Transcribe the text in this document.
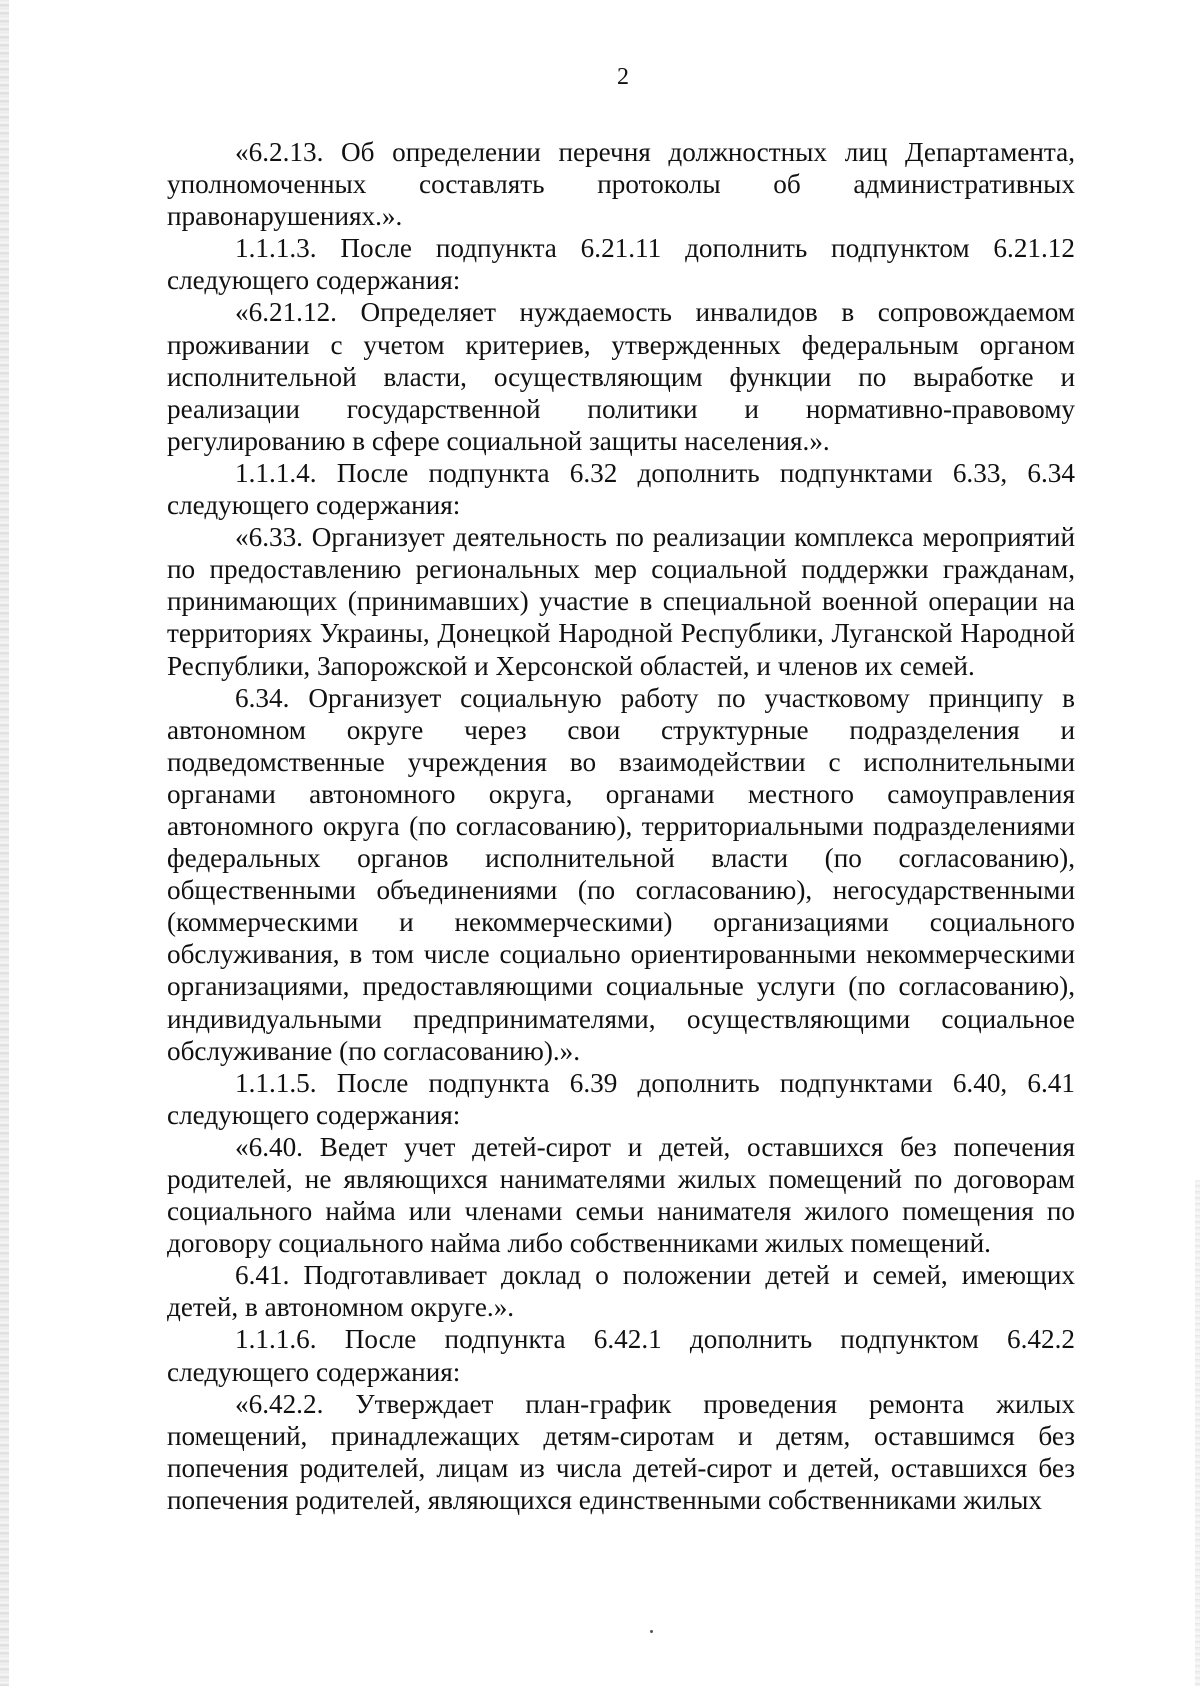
2

«6.2.13. Об определении перечня должностных лиц Департамента, уполномоченных составлять протоколы об административных правонарушениях.».

1.1.1.3. После подпункта 6.21.11 дополнить подпунктом 6.21.12 следующего содержания:

«6.21.12. Определяет нуждаемость инвалидов в сопровождаемом проживании с учетом критериев, утвержденных федеральным органом исполнительной власти, осуществляющим функции по выработке и реализации государственной политики и нормативно-правовому регулированию в сфере социальной защиты населения.».

1.1.1.4. После подпункта 6.32 дополнить подпунктами 6.33, 6.34 следующего содержания:

«6.33. Организует деятельность по реализации комплекса мероприятий по предоставлению региональных мер социальной поддержки гражданам, принимающих (принимавших) участие в специальной военной операции на территориях Украины, Донецкой Народной Республики, Луганской Народной Республики, Запорожской и Херсонской областей, и членов их семей.

6.34. Организует социальную работу по участковому принципу в автономном округе через свои структурные подразделения и подведомственные учреждения во взаимодействии с исполнительными органами автономного округа, органами местного самоуправления автономного округа (по согласованию), территориальными подразделениями федеральных органов исполнительной власти (по согласованию), общественными объединениями (по согласованию), негосударственными (коммерческими и некоммерческими) организациями социального обслуживания, в том числе социально ориентированными некоммерческими организациями, предоставляющими социальные услуги (по согласованию), индивидуальными предпринимателями, осуществляющими социальное обслуживание (по согласованию).».

1.1.1.5. После подпункта 6.39 дополнить подпунктами 6.40, 6.41 следующего содержания:

«6.40. Ведет учет детей-сирот и детей, оставшихся без попечения родителей, не являющихся нанимателями жилых помещений по договорам социального найма или членами семьи нанимателя жилого помещения по договору социального найма либо собственниками жилых помещений.

6.41. Подготавливает доклад о положении детей и семей, имеющих детей, в автономном округе.».

1.1.1.6. После подпункта 6.42.1 дополнить подпунктом 6.42.2 следующего содержания:

«6.42.2. Утверждает план-график проведения ремонта жилых помещений, принадлежащих детям-сиротам и детям, оставшимся без попечения родителей, лицам из числа детей-сирот и детей, оставшихся без попечения родителей, являющихся единственными собственниками жилых
